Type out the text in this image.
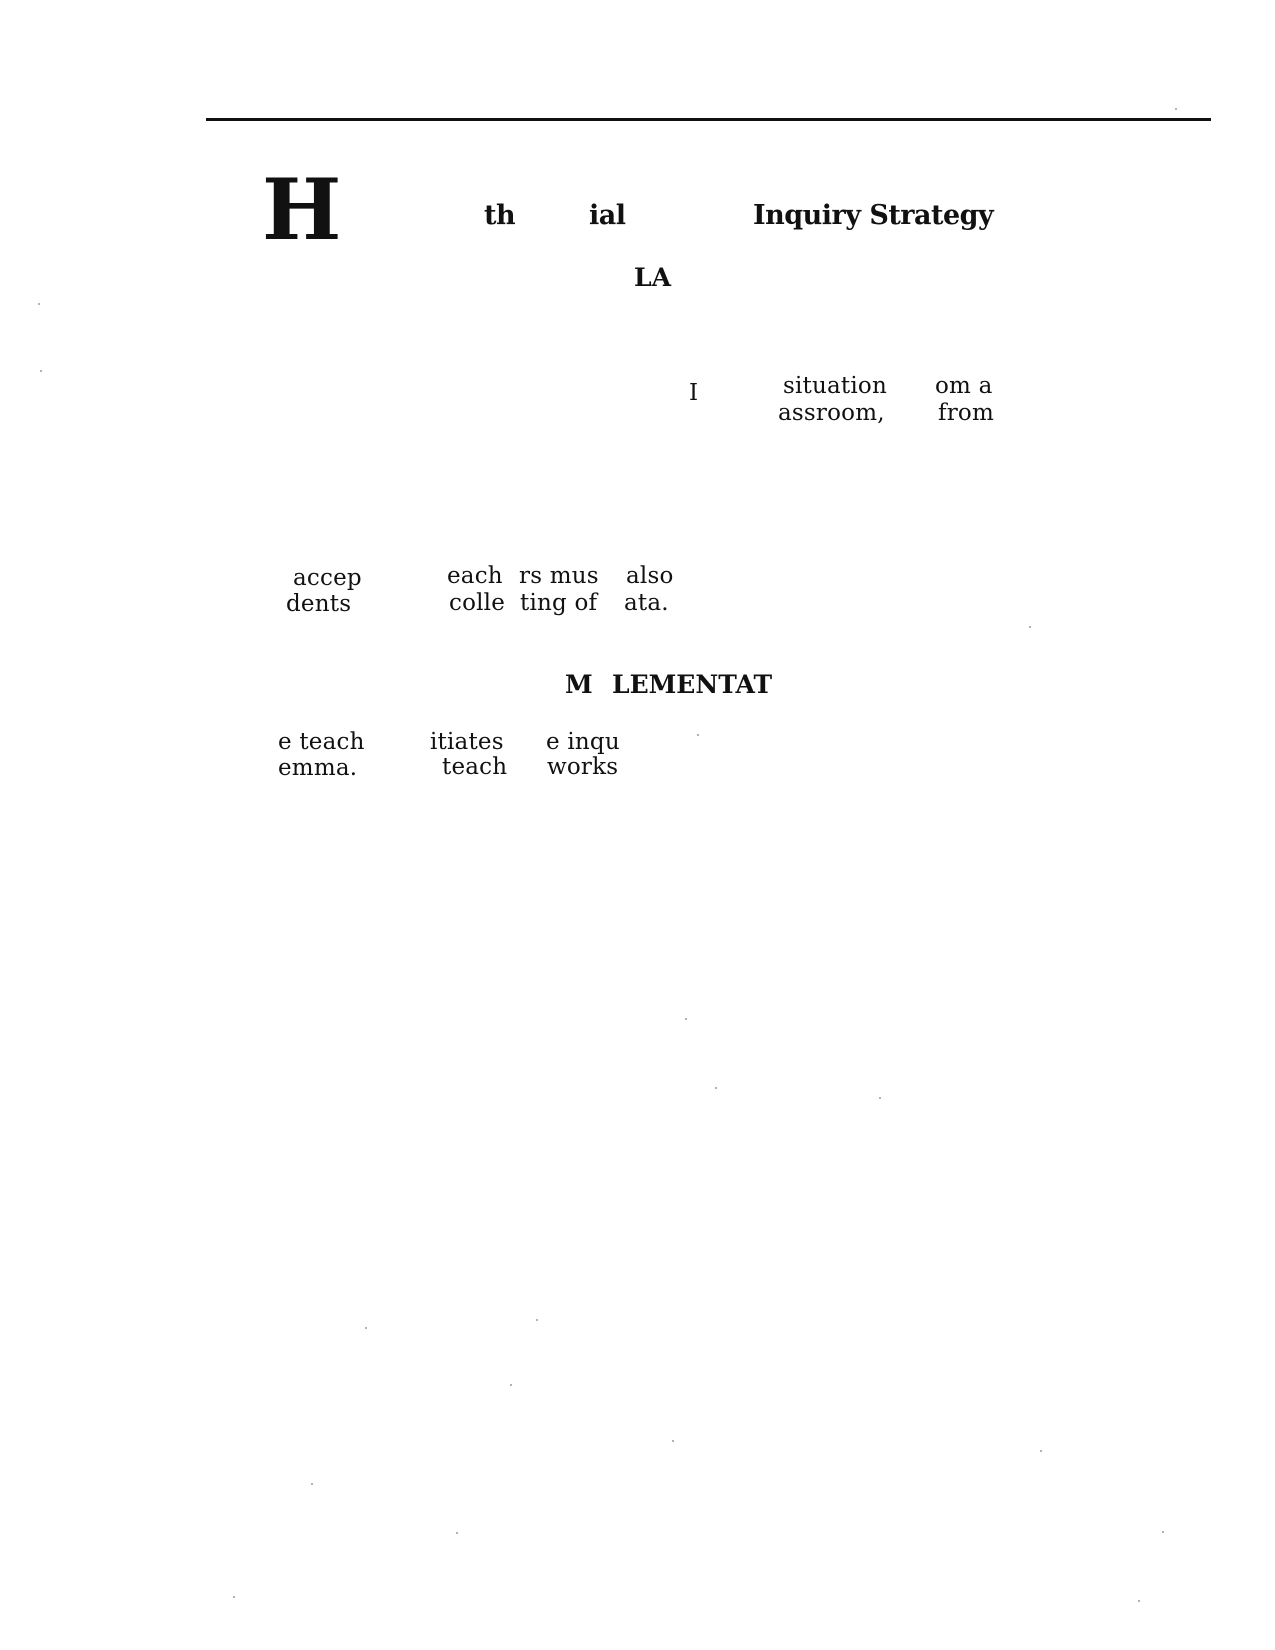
H	th	ial	Inquiry Strategy
LA
I	situation om a
assroom, from
accep	each rs mus also
dents	colle ting of ata.
M LEMENTAT
e teach	itiates e inqu
emma.	teach works
